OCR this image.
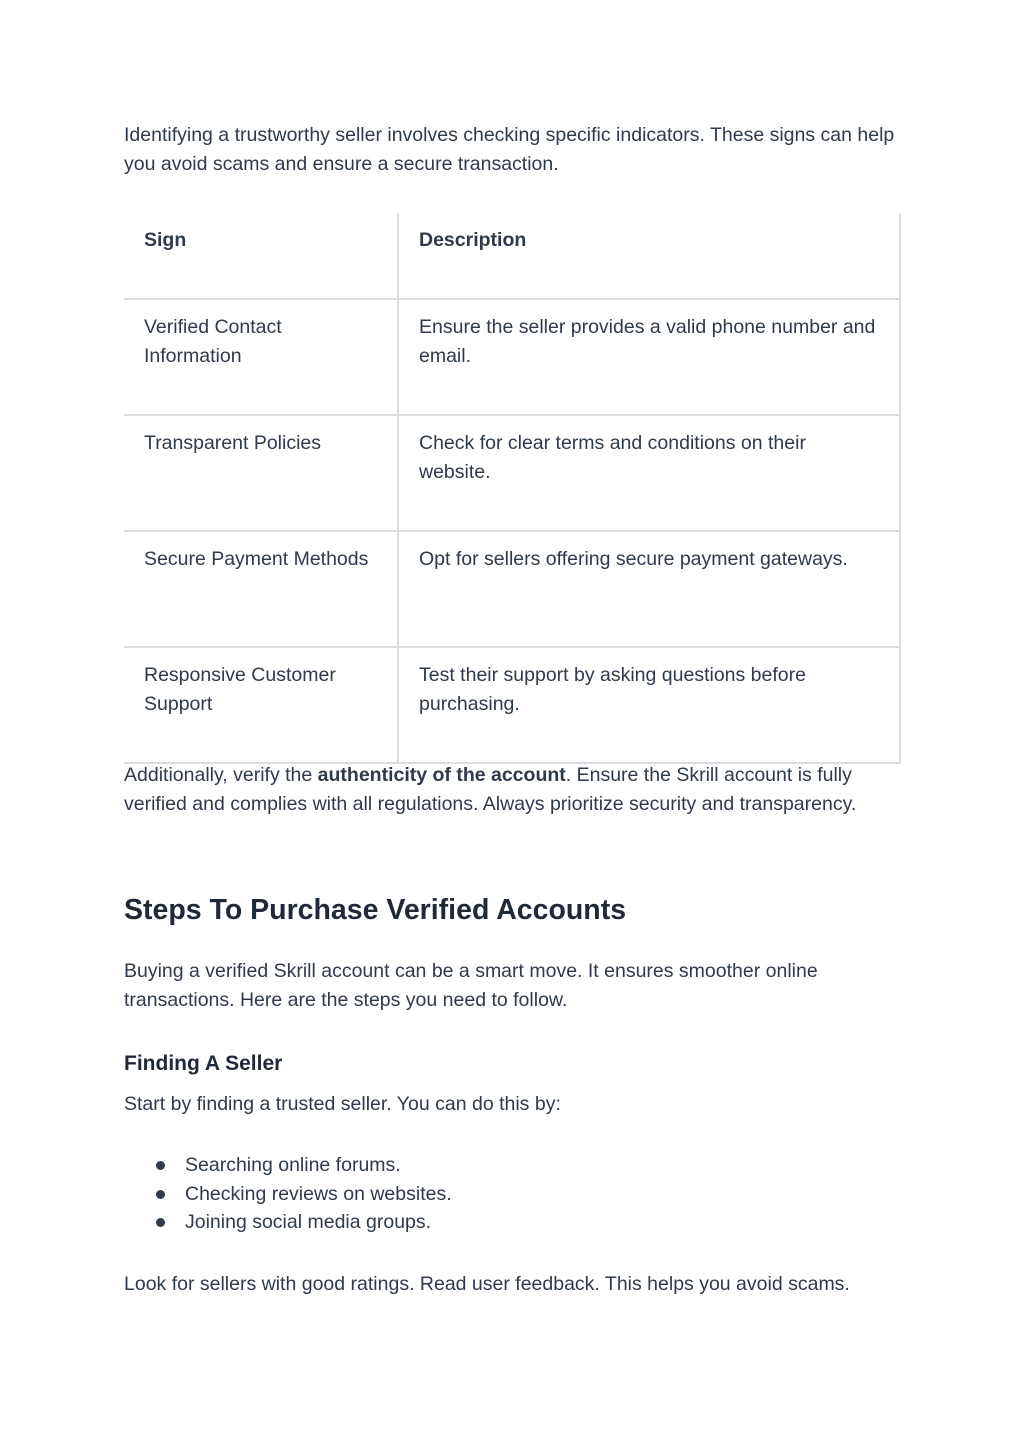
Identifying a trustworthy seller involves checking specific indicators. These signs can help you avoid scams and ensure a secure transaction.

Sign	Description
Verified Contact Information	Ensure the seller provides a valid phone number and email.
Transparent Policies	Check for clear terms and conditions on their website.
Secure Payment Methods	Opt for sellers offering secure payment gateways.
Responsive Customer Support	Test their support by asking questions before purchasing.

Additionally, verify the authenticity of the account. Ensure the Skrill account is fully verified and complies with all regulations. Always prioritize security and transparency.

Steps To Purchase Verified Accounts

Buying a verified Skrill account can be a smart move. It ensures smoother online transactions. Here are the steps you need to follow.

Finding A Seller

Start by finding a trusted seller. You can do this by:

Searching online forums.
Checking reviews on websites.
Joining social media groups.

Look for sellers with good ratings. Read user feedback. This helps you avoid scams.
